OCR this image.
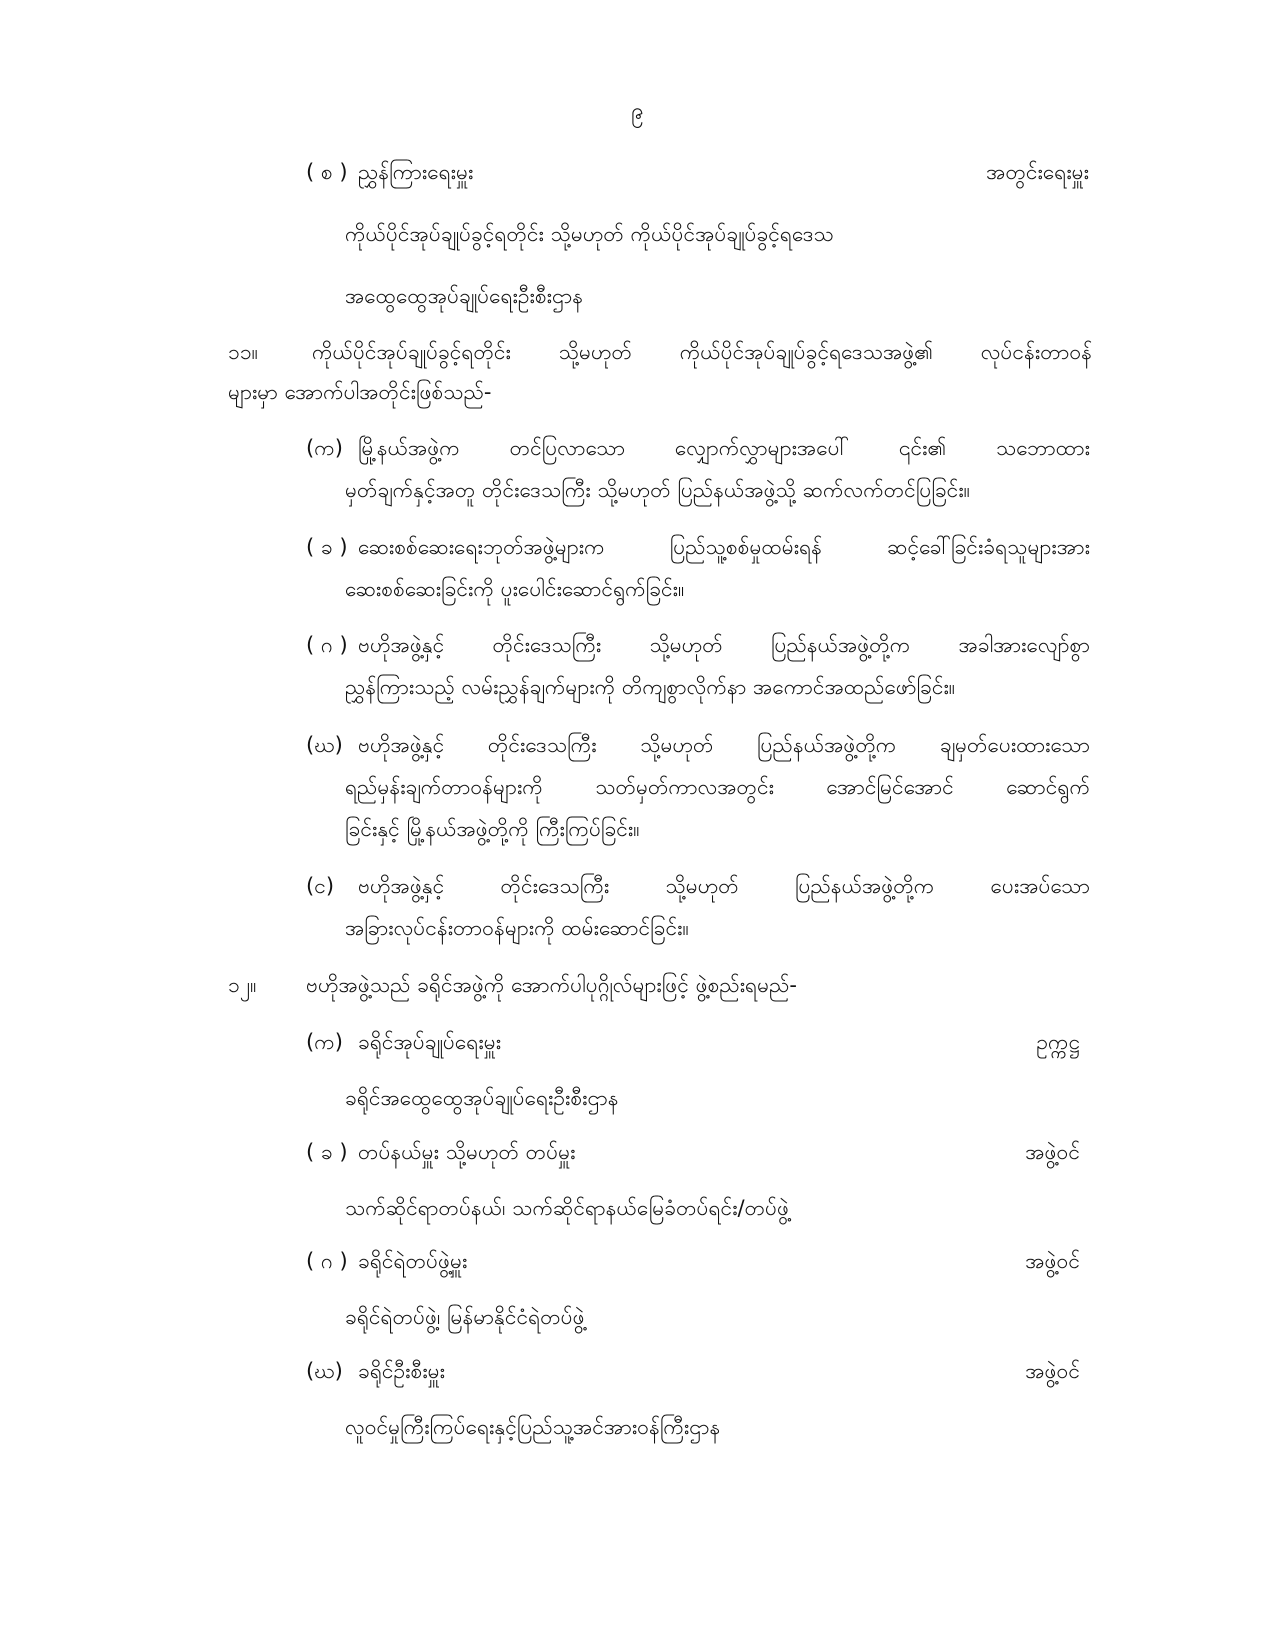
၉
( စ ) ညွှန်ကြားရေးမှူး	အတွင်းရေးမှူး
ကိုယ်ပိုင်အုပ်ချုပ်ခွင့်ရတိုင်း သို့မဟုတ် ကိုယ်ပိုင်အုပ်ချုပ်ခွင့်ရဒေသ
အထွေထွေအုပ်ချုပ်ရေးဦးစီးဌာန
၁၁။	ကိုယ်ပိုင်အုပ်ချုပ်ခွင့်ရတိုင်း သို့မဟုတ် ကိုယ်ပိုင်အုပ်ချုပ်ခွင့်ရဒေသအဖွဲ့၏ လုပ်ငန်းတာဝန်
များမှာ အောက်ပါအတိုင်းဖြစ်သည်-
(က) မြို့နယ်အဖွဲ့က တင်ပြလာသော လျှောက်လွှာများအပေါ် ၎င်း၏ သဘောထား
မှတ်ချက်နှင့်အတူ တိုင်းဒေသကြီး သို့မဟုတ် ပြည်နယ်အဖွဲ့သို့ ဆက်လက်တင်ပြခြင်း။
( ခ ) ဆေးစစ်ဆေးရေးဘုတ်အဖွဲ့များက ပြည်သူ့စစ်မှုထမ်းရန် ဆင့်ခေါ်ခြင်းခံရသူများအား
ဆေးစစ်ဆေးခြင်းကို ပူးပေါင်းဆောင်ရွက်ခြင်း။
( ဂ ) ဗဟိုအဖွဲ့နှင့် တိုင်းဒေသကြီး သို့မဟုတ် ပြည်နယ်အဖွဲ့တို့က အခါအားလျော်စွာ
ညွှန်ကြားသည့် လမ်းညွှန်ချက်များကို တိကျစွာလိုက်နာ အကောင်အထည်ဖော်ခြင်း။
(ဃ) ဗဟိုအဖွဲ့နှင့် တိုင်းဒေသကြီး သို့မဟုတ် ပြည်နယ်အဖွဲ့တို့က ချမှတ်ပေးထားသော
ရည်မှန်းချက်တာဝန်များကို သတ်မှတ်ကာလအတွင်း အောင်မြင်အောင် ဆောင်ရွက်
ခြင်းနှင့် မြို့နယ်အဖွဲ့တို့ကို ကြီးကြပ်ခြင်း။
(င) ဗဟိုအဖွဲ့နှင့် တိုင်းဒေသကြီး သို့မဟုတ် ပြည်နယ်အဖွဲ့တို့က ပေးအပ်သော
အခြားလုပ်ငန်းတာဝန်များကို ထမ်းဆောင်ခြင်း။
၁၂။ ဗဟိုအဖွဲ့သည် ခရိုင်အဖွဲ့ကို အောက်ပါပုဂ္ဂိုလ်များဖြင့် ဖွဲ့စည်းရမည်-
(က) ခရိုင်အုပ်ချုပ်ရေးမှူး	ဥက္ကဋ္ဌ
ခရိုင်အထွေထွေအုပ်ချုပ်ရေးဦးစီးဌာန
( ခ ) တပ်နယ်မှူး သို့မဟုတ် တပ်မှူး	အဖွဲ့ဝင်
သက်ဆိုင်ရာတပ်နယ်၊ သက်ဆိုင်ရာနယ်မြေခံတပ်ရင်း/တပ်ဖွဲ့
( ဂ ) ခရိုင်ရဲတပ်ဖွဲ့မှူး	အဖွဲ့ဝင်
ခရိုင်ရဲတပ်ဖွဲ့၊ မြန်မာနိုင်ငံရဲတပ်ဖွဲ့
(ဃ) ခရိုင်ဦးစီးမှူး	အဖွဲ့ဝင်
လူဝင်မှုကြီးကြပ်ရေးနှင့်ပြည်သူ့အင်အားဝန်ကြီးဌာန
